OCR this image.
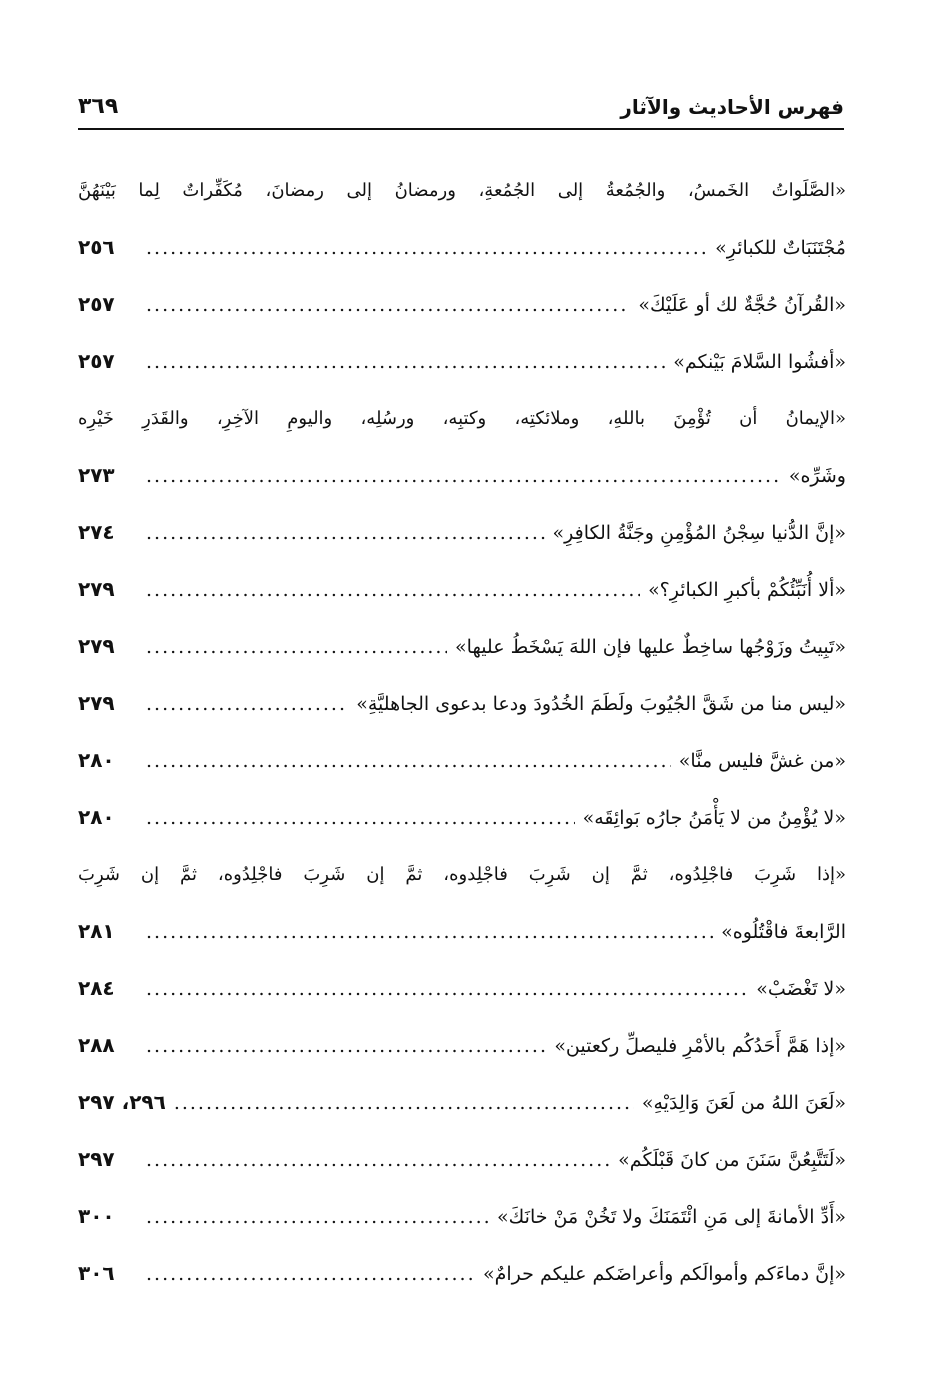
فهرس الأحاديث والآثار
٣٦٩
«الصَّلَواتُ الخَمسُ، والجُمُعةُ إلى الجُمُعةِ، ورمضانُ إلى رمضانَ، مُكَفِّراتٌ لِما بَيْنَهُنَّ
مُجْتَنَبَاتٌ للكبائرِ»
.....
٢٥٦
«القُرآنُ حُجَّةٌ لك أو عَلَيْكَ»
.....
٢٥٧
«أفشُوا السَّلامَ بَيْنكم»
.....
٢٥٧
«الإيمانُ أن تُؤْمِنَ باللهِ، وملائكتِه، وكتبِه، ورسُلِه، واليومِ الآخِرِ، والقَدَرِ خَيْرِه
وشَرِّه»
.....
٢٧٣
«إنَّ الدُّنيا سِجْنُ المُؤْمِنِ وجَنَّةُ الكافِرِ»
.....
٢٧٤
«ألا أُنَبِّئُكُمْ بأكبرِ الكبائرِ؟»
.....
٢٧٩
«تَبِيتُ وزَوْجُها ساخِطٌ عليها فإن اللهَ يَسْخَطُ عليها»
.....
٢٧٩
«ليس منا من شَقَّ الجُيُوبَ ولَطَمَ الخُدُودَ ودعا بدعوى الجاهليَّةِ»
.....
٢٧٩
«من غشَّ فليس منَّا»
.....
٢٨٠
«لا يُؤْمِنُ من لا يَأْمَنُ جارُه بَوائِقَه»
.....
٢٨٠
«إذا شَرِبَ فاجْلِدُوه، ثمَّ إن شَرِبَ فاجْلِدوه، ثمَّ إن شَرِبَ فاجْلِدُوه، ثمَّ إن شَرِبَ
الرَّابعةَ فاقْتُلُوه»
.....
٢٨١
«لا تَغْضَبْ»
.....
٢٨٤
«إذا هَمَّ أَحَدُكُم بالأمْرِ فليصلِّ ركعتين»
.....
٢٨٨
«لَعَنَ اللهُ من لَعَنَ وَالِدَيْهِ»
.....
٢٩٦، ٢٩٧
«لَتَتَّبِعُنَّ سَنَنَ من كانَ قَبْلَكُم»
.....
٢٩٧
«أَدِّ الأمانةَ إلى مَنِ ائْتَمَنَكَ ولا تَخُنْ مَنْ خانَكَ»
.....
٣٠٠
«إنَّ دماءَكم وأموالَكم وأعراضَكم عليكم حرامٌ»
.....
٣٠٦
